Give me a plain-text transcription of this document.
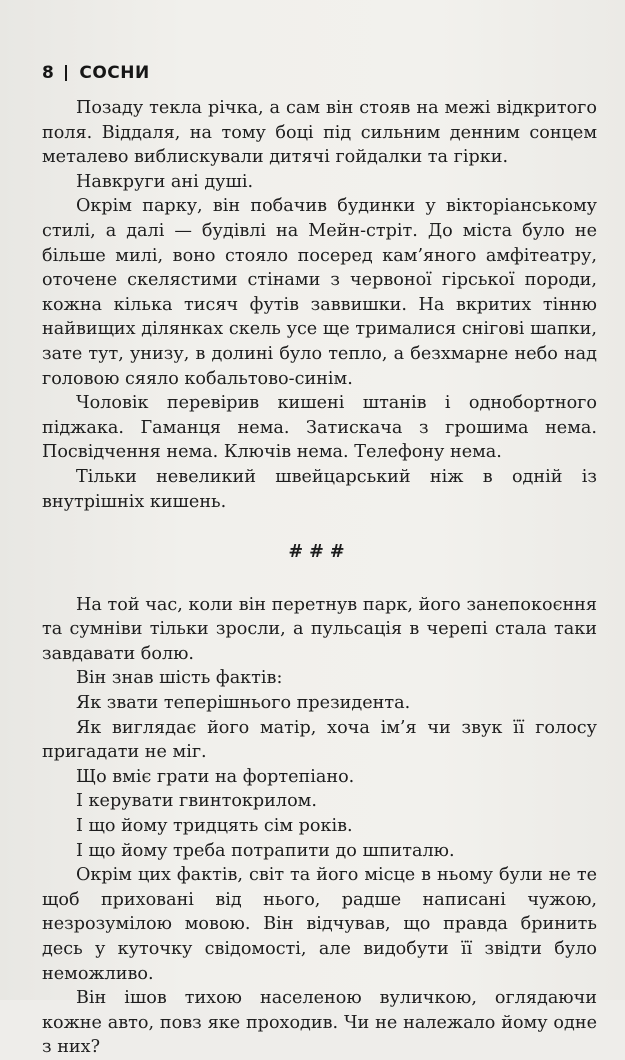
8 СОСНИ

Позаду текла річка, а сам він стояв на межі відкритого поля. Віддаля, на тому боці під сильним денним сонцем металево виблискували дитячі гойдалки та гірки.

Навкруги ані душі.

Окрім парку, він побачив будинки у вікторіанському стилі, а далі — будівлі на Мейн-стріт. До міста було не більше милі, воно стояло посеред кам’яного амфітеатру, оточене скелястими стінами з червоної гірської породи, кожна кілька тисяч футів заввишки. На вкритих тінню найвищих ділянках скель усе ще трималися снігові шапки, зате тут, унизу, в долині було тепло, а безхмарне небо над головою сяяло кобальтово-синім.

Чоловік перевірив кишені штанів і однобортного піджака. Гаманця нема. Затискача з грошима нема. Посвідчення нема. Ключів нема. Телефону нема.

Тільки невеликий швейцарський ніж в одній із внутрішніх кишень.

###

На той час, коли він перетнув парк, його занепокоєння та сумніви тільки зросли, а пульсація в черепі стала таки завдавати болю.

Він знав шість фактів:

Як звати теперішнього президента.

Як виглядає його матір, хоча ім’я чи звук її голосу пригадати не міг.

Що вміє грати на фортепіано.

І керувати гвинтокрилом.

І що йому тридцять сім років.

І що йому треба потрапити до шпиталю.

Окрім цих фактів, світ та його місце в ньому були не те щоб приховані від нього, радше написані чужою, незрозумілою мовою. Він відчував, що правда бринить десь у куточку свідомості, але видобути її звідти було неможливо.

Він ішов тихою населеною вуличкою, оглядаючи кожне авто, повз яке проходив. Чи не належало йому одне з них?
